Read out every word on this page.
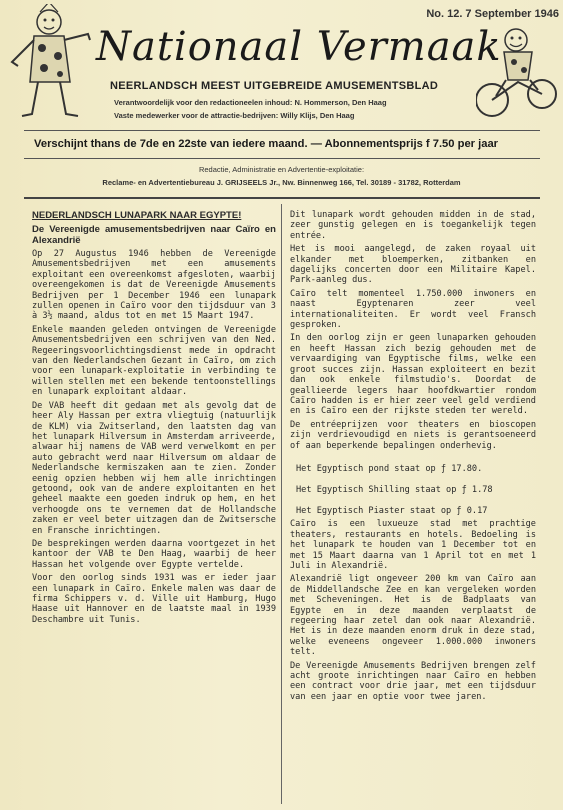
No. 12. 7 September 1946
Nationaal Vermaak
NEERLANDSCH MEEST UITGEBREIDE AMUSEMENTSBLAD
Verantwoordelijk voor den redactioneelen inhoud: N. Hommerson, Den Haag
Vaste medewerker voor de attractie-bedrijven: Willy Klijs, Den Haag
Verschijnt thans de 7de en 22ste van iedere maand. — Abonnementsprijs f 7.50 per jaar
Redactie, Administratie en Advertentie-exploitatie:
Reclame- en Advertentiebureau J. GRIJSEELS Jr., Nw. Binnenweg 166, Tel. 30189 - 31782, Rotterdam

NEDERLANDSCH LUNAPARK NAAR EGYPTE!

De Vereenigde amusementsbedrijven naar Caïro en Alexandrië

Op 27 Augustus 1946 hebben de Vereenigde Amusementsbedrijven met een amusements exploitant een overeenkomst afgesloten, waarbij overeengekomen is dat de Vereenigde Amusements Bedrijven per 1 December 1946 een lunapark zullen openen in Caïro voor den tijdsduur van 3 à 3½ maand, aldus tot en met 15 Maart 1947.

Enkele maanden geleden ontvingen de Vereenigde Amusementsbedrijven een schrijven van den Ned. Regeeringsvoorlichtingsdienst mede in opdracht van den Nederlandschen Gezant in Caïro, om zich voor een lunapark-exploitatie in verbinding te willen stellen met een bekende tentoonstellings en lunapark exploitant aldaar.

De VAB heeft dit gedaan met als gevolg dat de heer Aly Hassan per extra vliegtuig (natuurlijk de KLM) via Zwitserland, den laatsten dag van het lunapark Hilversum in Amsterdam arriveerde, alwaar hij namens de VAB werd verwelkomt en per auto gebracht werd naar Hilversum om aldaar de Nederlandsche kermiszaken aan te zien. Zonder eenig opzien hebben wij hem alle inrichtingen getoond, ook van de andere exploitanten en het geheel maakte een goeden indruk op hem, en het verhoogde ons te vernemen dat de Hollandsche zaken er veel beter uitzagen dan de Zwitsersche en Fransche inrichtingen.

De besprekingen werden daarna voortgezet in het kantoor der VAB te Den Haag, waarbij de heer Hassan het volgende over Egypte vertelde.

Voor den oorlog sinds 1931 was er ieder jaar een lunapark in Caïro. Enkele malen was daar de firma Schippers v. d. Ville uit Hamburg, Hugo Haase uit Hannover en de laatste maal in 1939 Deschambre uit Tunis.

Dit lunapark wordt gehouden midden in de stad, zeer gunstig gelegen en is toegankelijk tegen entrée.

Het is mooi aangelegd, de zaken royaal uit elkander met bloemperken, zitbanken en dagelijks concerten door een Militaire Kapel. Park-aanleg dus.

Caïro telt momenteel 1.750.000 inwoners en naast Egyptenaren zeer veel internationaliteiten. Er wordt veel Fransch gesproken.

In den oorlog zijn er geen lunaparken gehouden en heeft Hassan zich bezig gehouden met de vervaardiging van Egyptische films, welke een groot succes zijn. Hassan exploiteert en bezit dan ook enkele filmstudio's. Doordat de geallieerde legers haar hoofdkwartier rondom Caïro hadden is er hier zeer veel geld verdiend en is Caïro een der rijkste steden ter wereld.

De entréeprijzen voor theaters en bioscopen zijn verdrievoudigd en niets is gerantsoeneerd of aan beperkende bepalingen onderhevig.

Het Egyptisch pond staat op ƒ 17.80.

Het Egyptisch Shilling staat op ƒ 1.78

Het Egyptisch Piaster staat op ƒ 0.17

Caïro is een luxueuze stad met prachtige theaters, restaurants en hotels. Bedoeling is het lunapark te houden van 1 December tot en met 15 Maart daarna van 1 April tot en met 1 Juli in Alexandrië.

Alexandrië ligt ongeveer 200 km van Caïro aan de Middellandsche Zee en kan vergeleken worden met Scheveningen. Het is de Badplaats van Egypte en in deze maanden verplaatst de regeering haar zetel dan ook naar Alexandrië. Het is in deze maanden enorm druk in deze stad, welke eveneens ongeveer 1.000.000 inwoners telt.

De Vereenigde Amusements Bedrijven brengen zelf acht groote inrichtingen naar Caïro en hebben een contract voor drie jaar, met een tijdsduur van een jaar en optie voor twee jaren.
